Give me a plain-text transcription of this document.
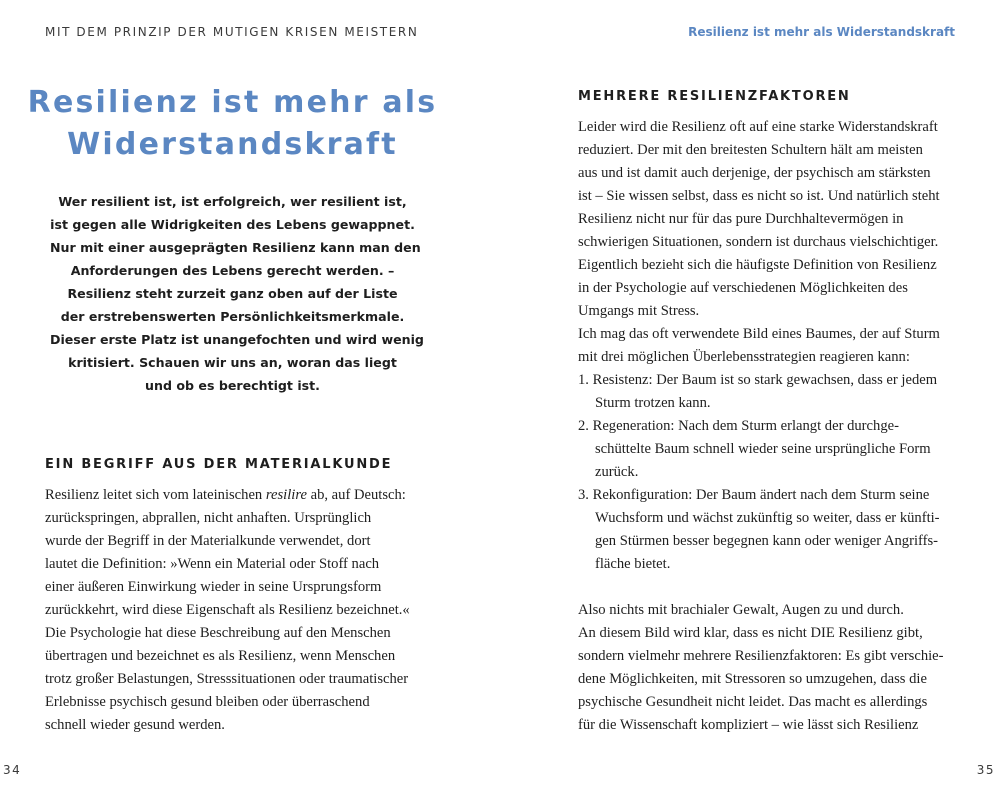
MIT DEM PRINZIP DER MUTIGEN KRISEN MEISTERN
Resilienz ist mehr als
Widerstandskraft
Wer resilient ist, ist erfolgreich, wer resilient ist,
ist gegen alle Widrigkeiten des Lebens gewappnet.
Nur mit einer ausgeprägten Resilienz kann man den
Anforderungen des Lebens gerecht werden. –
Resilienz steht zurzeit ganz oben auf der Liste
der erstrebenswerten Persönlichkeitsmerkmale.
Dieser erste Platz ist unangefochten und wird wenig
kritisiert. Schauen wir uns an, woran das liegt
und ob es berechtigt ist.
EIN BEGRIFF AUS DER MATERIALKUNDE
Resilienz leitet sich vom lateinischen resilire ab, auf Deutsch:
zurückspringen, abprallen, nicht anhaften. Ursprünglich
wurde der Begriff in der Materialkunde verwendet, dort
lautet die Definition: »Wenn ein Material oder Stoff nach
einer äußeren Einwirkung wieder in seine Ursprungsform
zurückkehrt, wird diese Eigenschaft als Resilienz bezeichnet.«
Die Psychologie hat diese Beschreibung auf den Menschen
übertragen und bezeichnet es als Resilienz, wenn Menschen
trotz großer Belastungen, Stresssituationen oder traumatischer
Erlebnisse psychisch gesund bleiben oder überraschend
schnell wieder gesund werden.
34
Resilienz ist mehr als Widerstandskraft
MEHRERE RESILIENZFAKTOREN
Leider wird die Resilienz oft auf eine starke Widerstandskraft
reduziert. Der mit den breitesten Schultern hält am meisten
aus und ist damit auch derjenige, der psychisch am stärksten
ist – Sie wissen selbst, dass es nicht so ist. Und natürlich steht
Resilienz nicht nur für das pure Durchhaltevermögen in
schwierigen Situationen, sondern ist durchaus vielschichtiger.
Eigentlich bezieht sich die häufigste Definition von Resilienz
in der Psychologie auf verschiedenen Möglichkeiten des
Umgangs mit Stress.
Ich mag das oft verwendete Bild eines Baumes, der auf Sturm
mit drei möglichen Überlebensstrategien reagieren kann:
1. Resistenz: Der Baum ist so stark gewachsen, dass er jedem
Sturm trotzen kann.
2. Regeneration: Nach dem Sturm erlangt der durchge-
schüttelte Baum schnell wieder seine ursprüngliche Form
zurück.
3. Rekonfiguration: Der Baum ändert nach dem Sturm seine
Wuchsform und wächst zukünftig so weiter, dass er künfti-
gen Stürmen besser begegnen kann oder weniger Angriffs-
fläche bietet.
Also nichts mit brachialer Gewalt, Augen zu und durch.
An diesem Bild wird klar, dass es nicht DIE Resilienz gibt,
sondern vielmehr mehrere Resilienzfaktoren: Es gibt verschie-
dene Möglichkeiten, mit Stressoren so umzugehen, dass die
psychische Gesundheit nicht leidet. Das macht es allerdings
für die Wissenschaft kompliziert – wie lässt sich Resilienz
35
